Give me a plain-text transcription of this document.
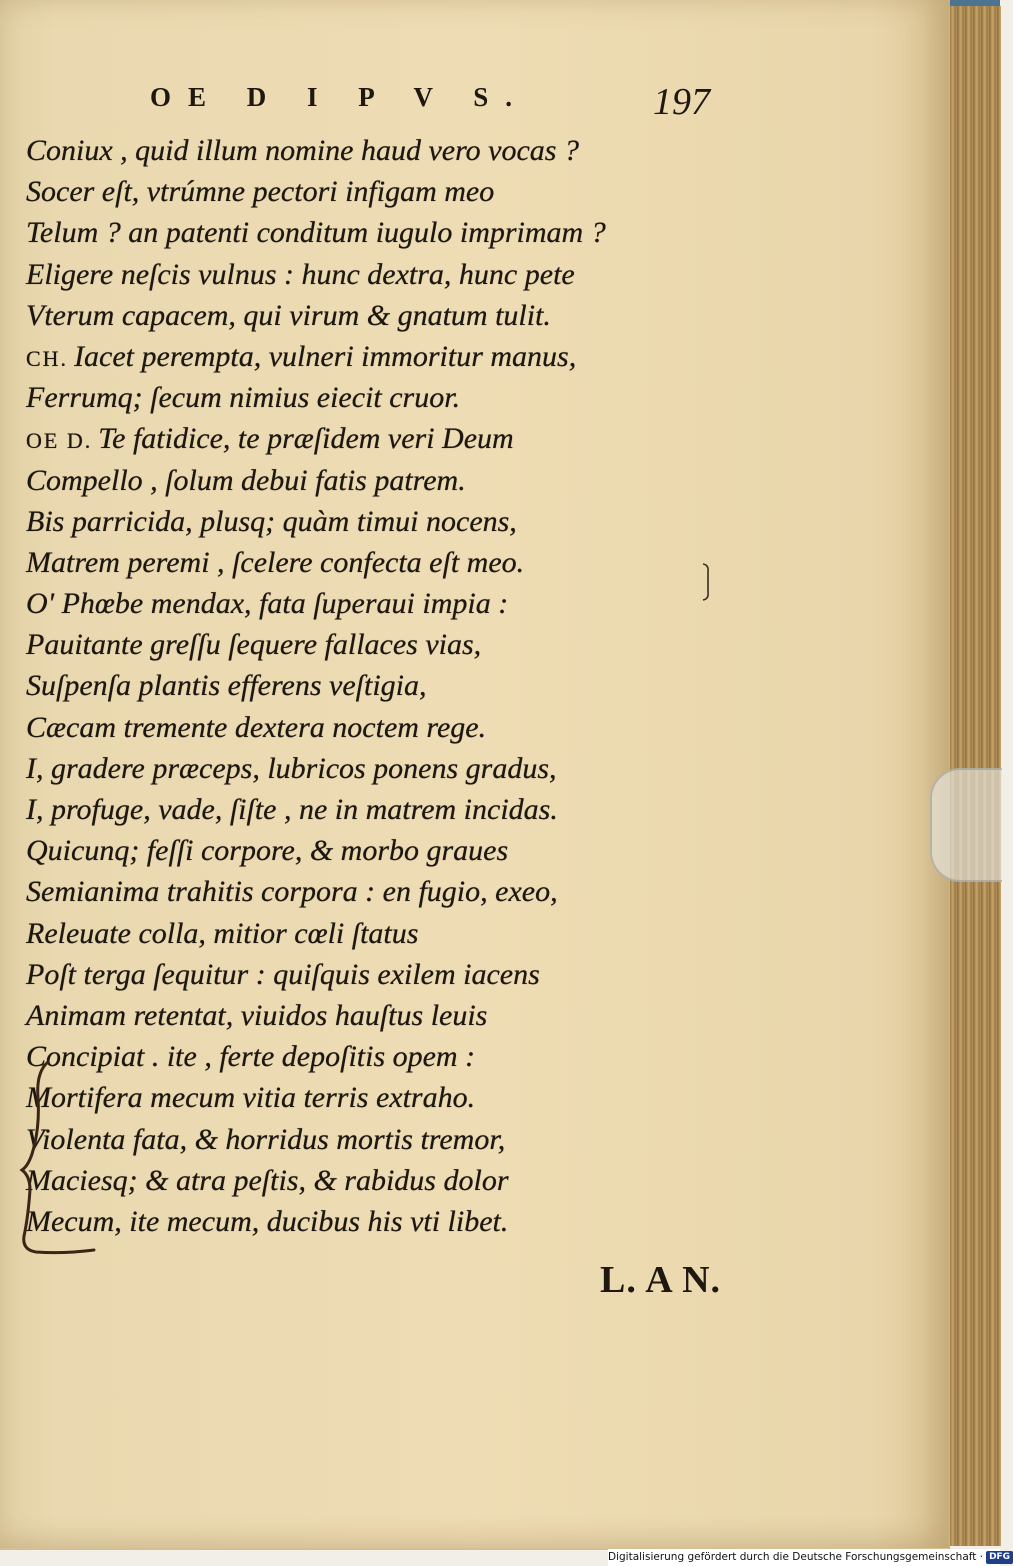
OE D I P V S.	197
Coniux , quid illum nomine haud vero vocas ?
Socer eſt, vtrúmne pectori infigam meo
Telum ? an patenti conditum iugulo imprimam ?
Eligere neſcis vulnus : hunc dextra, hunc pete
Vterum capacem, qui virum & gnatum tulit.
CH. Iacet perempta, vulneri immoritur manus,
Ferrumq; ſecum nimius eiecit cruor.
OE D. Te fatidice, te præſidem veri Deum
Compello , ſolum debui fatis patrem.
Bis parricida, plusq; quàm timui nocens,
Matrem peremi , ſcelere confecta eſt meo.
O' Phœbe mendax, fata ſuperaui impia :
Pauitante greſſu ſequere fallaces vias,
Suſpenſa plantis efferens veſtigia,
Cæcam tremente dextera noctem rege.
I, gradere præceps, lubricos ponens gradus,
I, profuge, vade, ſiſte , ne in matrem incidas.
Quicunq; feſſi corpore, & morbo graues
Semianima trahitis corpora : en fugio, exeo,
Releuate colla, mitior cœli ſtatus
Poſt terga ſequitur : quiſquis exilem iacens
Animam retentat, viuidos hauſtus leuis
Concipiat . ite , ferte depoſitis opem :
Mortifera mecum vitia terris extraho.
Violenta fata, & horridus mortis tremor,
Maciesq; & atra peſtis, & rabidus dolor
Mecum, ite mecum, ducibus his vti libet.
L. A N.
Digitalisierung gefördert durch die Deutsche Forschungsgemeinschaft · DFG
